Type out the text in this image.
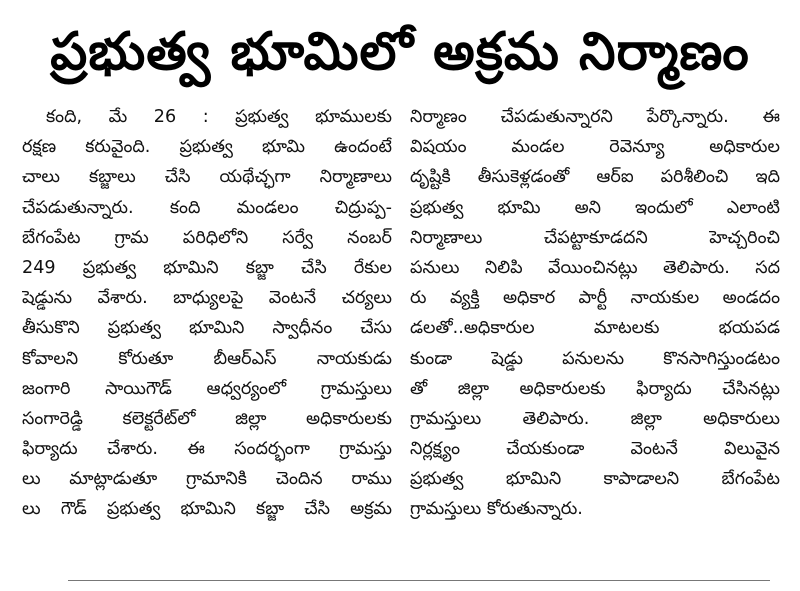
ప్రభుత్వ భూమిలో అక్రమ నిర్మాణం
కంది, మే 26 : ప్రభుత్వ భూములకు
రక్షణ కరువైంది. ప్రభుత్వ భూమి ఉందంటే
చాలు కబ్జాలు చేసి యథేచ్ఛగా నిర్మాణాలు
చేపడుతున్నారు. కంది మండలం చిద్రుప్ప-
బేగంపేట గ్రామ పరిధిలోని సర్వే నంబర్
249 ప్రభుత్వ భూమిని కబ్జా చేసి రేకుల
షెడ్డును వేశారు. బాధ్యులపై వెంటనే చర్యలు
తీసుకొని ప్రభుత్వ భూమిని స్వాధీనం చేసు
కోవాలని కోరుతూ బీఆర్ఎస్ నాయకుడు
జంగారి సాయిగౌడ్ ఆధ్వర్యంలో గ్రామస్తులు
సంగారెడ్డి కలెక్టరేట్‌లో జిల్లా అధికారులకు
ఫిర్యాదు చేశారు. ఈ సందర్భంగా గ్రామస్తు
లు మాట్లాడుతూ గ్రామానికి చెందిన రాము
లు గౌడ్ ప్రభుత్వ భూమిని కబ్జా చేసి అక్రమ
నిర్మాణం చేపడుతున్నారని పేర్కొన్నారు. ఈ
విషయం మండల రెవెన్యూ అధికారుల
దృష్టికి తీసుకెళ్లడంతో ఆర్ఐ పరిశీలించి ఇది
ప్రభుత్వ భూమి అని ఇందులో ఎలాంటి
నిర్మాణాలు చేపట్టాకూడదని హెచ్చరించి
పనులు నిలిపి వేయించినట్లు తెలిపారు. సద
రు వ్యక్తి అధికార పార్టీ నాయకుల అండదం
డలతో..అధికారుల మాటలకు భయపడ
కుండా షెడ్డు పనులను కొనసాగిస్తుండటం
తో జిల్లా అధికారులకు ఫిర్యాదు చేసినట్లు
గ్రామస్తులు తెలిపారు. జిల్లా అధికారులు
నిర్లక్ష్యం చేయకుండా వెంటనే విలువైన
ప్రభుత్వ భూమిని కాపాడాలని బేగంపేట
గ్రామస్తులు కోరుతున్నారు.
